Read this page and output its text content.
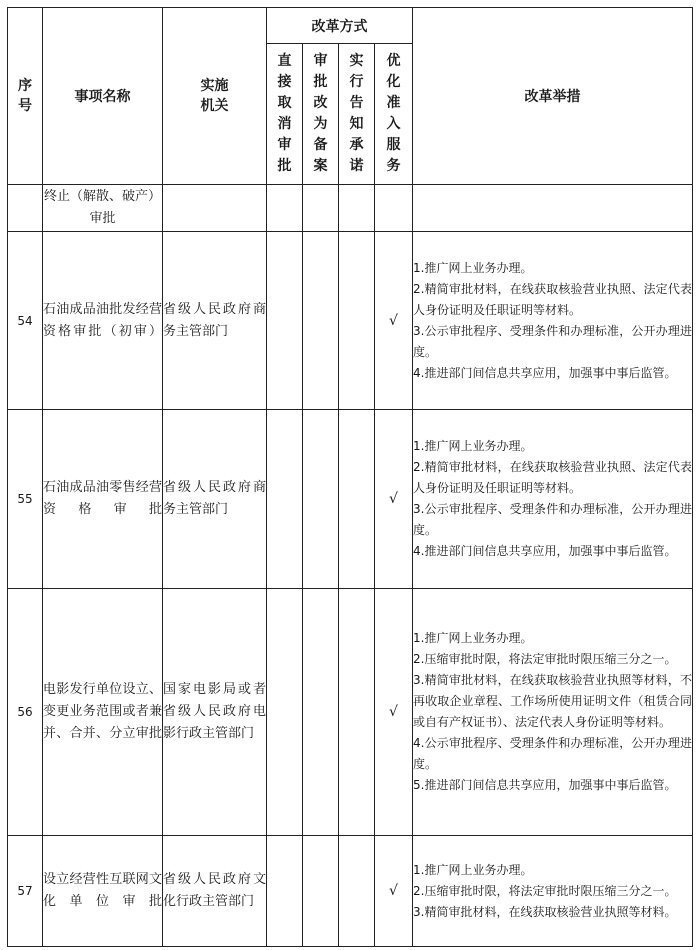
序号	事项名称	实施机关	改革方式				改革举措

			直接取消审批	审批改为备案	实行告知承诺	优化准入服务	

	终止（解散、破产）审批						
54	石油成品油批发经营资格审批（初审）	省级人民政府商务主管部门				√	1.推广网上业务办理。
2.精简审批材料，在线获取核验营业执照、法定代表人身份证明及任职证明等材料。
3.公示审批程序、受理条件和办理标准，公开办理进度。
4.推进部门间信息共享应用，加强事中事后监管。

55	石油成品油零售经营资格审批	省级人民政府商务主管部门				√	1.推广网上业务办理。
2.精简审批材料，在线获取核验营业执照、法定代表人身份证明及任职证明等材料。
3.公示审批程序、受理条件和办理标准，公开办理进度。
4.推进部门间信息共享应用，加强事中事后监管。

56	电影发行单位设立、变更业务范围或者兼并、合并、分立审批	国家电影局或者省级人民政府电影行政主管部门				√	1.推广网上业务办理。
2.压缩审批时限，将法定审批时限压缩三分之一。
3.精简审批材料，在线获取核验营业执照等材料，不再收取企业章程、工作场所使用证明文件（租赁合同或自有产权证书）、法定代表人身份证明等材料。
4.公示审批程序、受理条件和办理标准，公开办理进度。
5.推进部门间信息共享应用，加强事中事后监管。

57	设立经营性互联网文化单位审批	省级人民政府文化行政主管部门				√	1.推广网上业务办理。
2.压缩审批时限，将法定审批时限压缩三分之一。
3.精简审批材料，在线获取核验营业执照等材料。
